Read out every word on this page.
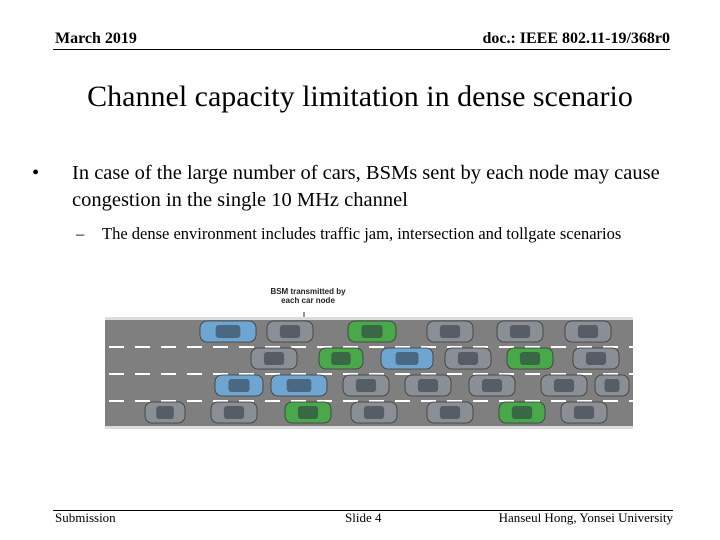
March 2019	doc.: IEEE 802.11-19/368r0
Channel capacity limitation in dense scenario
• In case of the large number of cars, BSMs sent by each node may cause congestion in the single 10 MHz channel
– The dense environment includes traffic jam, intersection and tollgate scenarios
BSM transmitted by
each car node
Submission	Slide 4	Hanseul Hong, Yonsei University
